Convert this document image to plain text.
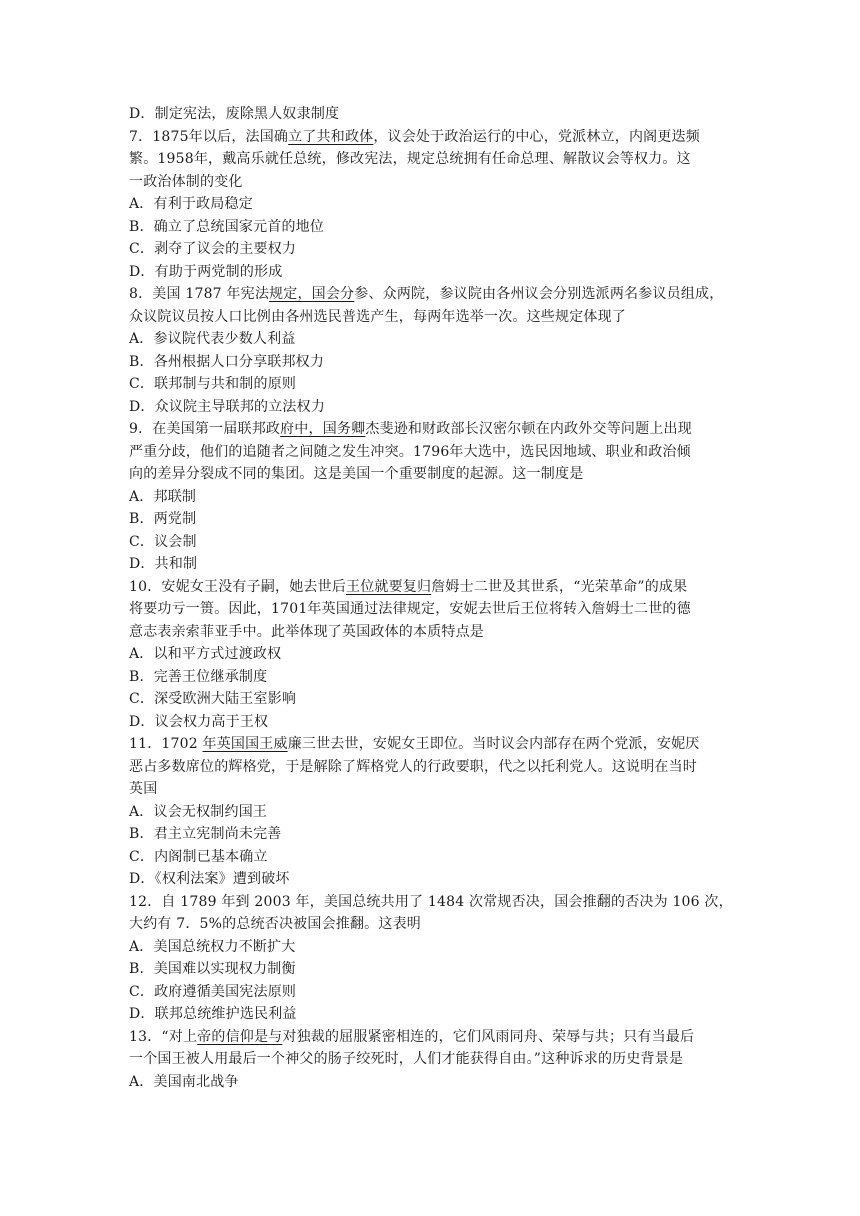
D．制定宪法，废除黑人奴隶制度
7．1875年以后，法国确立了共和政体，议会处于政治运行的中心，党派林立，内阁更迭频
繁。1958年，戴高乐就任总统，修改宪法，规定总统拥有任命总理、解散议会等权力。这
一政治体制的变化
A．有利于政局稳定
B．确立了总统国家元首的地位
C．剥夺了议会的主要权力
D．有助于两党制的形成
8．美国 1787 年宪法规定，国会分参、众两院，参议院由各州议会分别选派两名参议员组成，
众议院议员按人口比例由各州选民普选产生，每两年选举一次。这些规定体现了
A．参议院代表少数人利益
B．各州根据人口分享联邦权力
C．联邦制与共和制的原则
D．众议院主导联邦的立法权力
9．在美国第一届联邦政府中，国务卿杰斐逊和财政部长汉密尔顿在内政外交等问题上出现
严重分歧，他们的追随者之间随之发生冲突。1796年大选中，选民因地域、职业和政治倾
向的差异分裂成不同的集团。这是美国一个重要制度的起源。这一制度是
A．邦联制
B．两党制
C．议会制
D．共和制
10．安妮女王没有子嗣，她去世后王位就要复归詹姆士二世及其世系，“光荣革命”的成果
将要功亏一篑。因此，1701年英国通过法律规定，安妮去世后王位将转入詹姆士二世的德
意志表亲索菲亚手中。此举体现了英国政体的本质特点是
A．以和平方式过渡政权
B．完善王位继承制度
C．深受欧洲大陆王室影响
D．议会权力高于王权
11．1702 年英国国王威廉三世去世，安妮女王即位。当时议会内部存在两个党派，安妮厌
恶占多数席位的辉格党，于是解除了辉格党人的行政要职，代之以托利党人。这说明在当时
英国
A．议会无权制约国王
B．君主立宪制尚未完善
C．内阁制已基本确立
D．《权利法案》遭到破坏
12．自 1789 年到 2003 年，美国总统共用了 1484 次常规否决，国会推翻的否决为 106 次，
大约有 7．5%的总统否决被国会推翻。这表明
A．美国总统权力不断扩大
B．美国难以实现权力制衡
C．政府遵循美国宪法原则
D．联邦总统维护选民利益
13．“对上帝的信仰是与对独裁的屈服紧密相连的，它们风雨同舟、荣辱与共；只有当最后
一个国王被人用最后一个神父的肠子绞死时，人们才能获得自由。”这种诉求的历史背景是
A．美国南北战争
